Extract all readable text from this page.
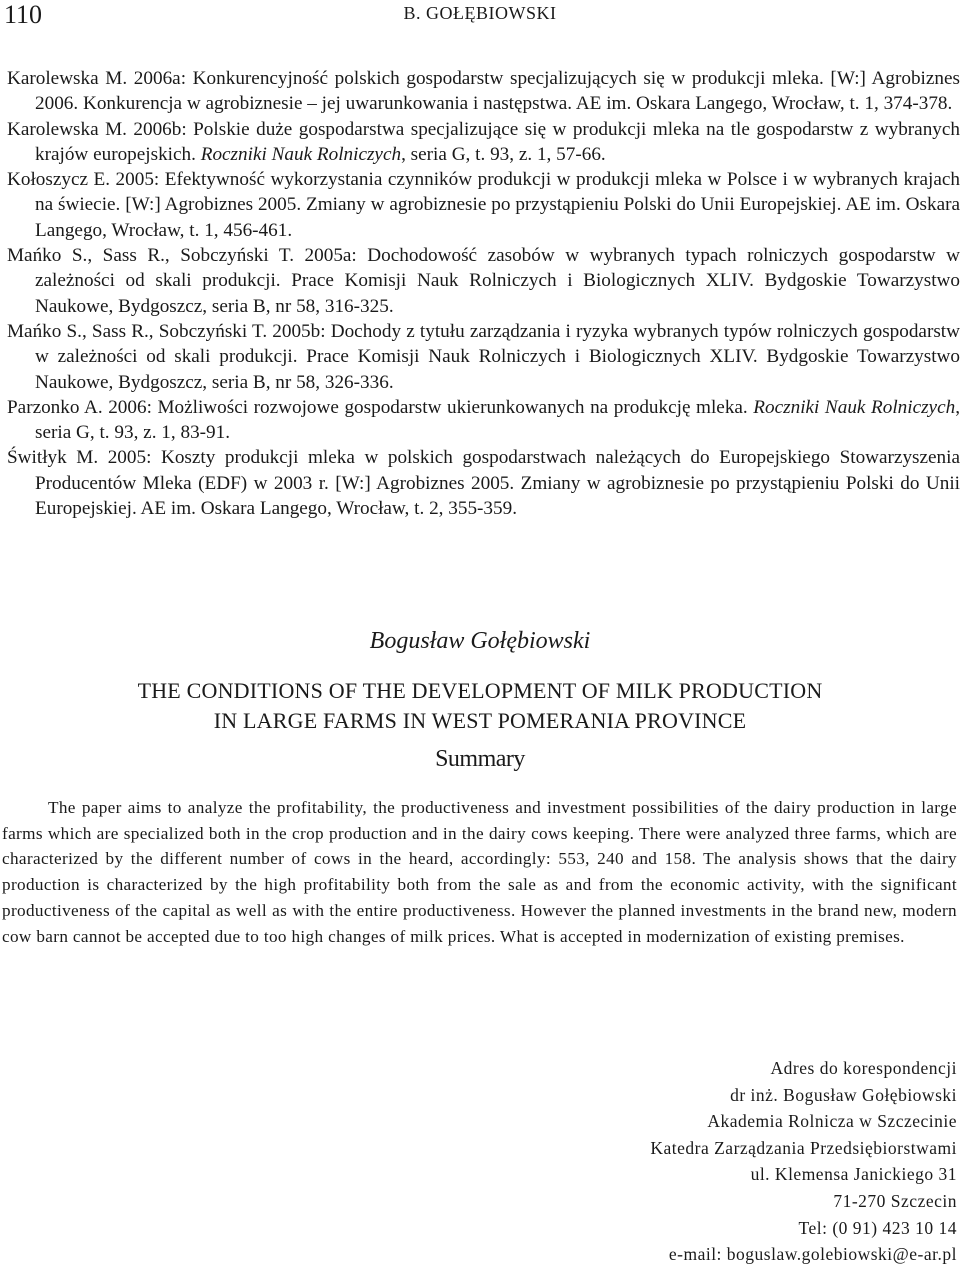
110	B. GOŁĘBIOWSKI
Karolewska M. 2006a: Konkurencyjność polskich gospodarstw specjalizujących się w produkcji mleka. [W:] Agrobiznes 2006. Konkurencja w agrobiznesie – jej uwarunkowania i następstwa. AE im. Oskara Langego, Wrocław, t. 1, 374-378.
Karolewska M. 2006b: Polskie duże gospodarstwa specjalizujące się w produkcji mleka na tle gospodarstw z wybranych krajów europejskich. Roczniki Nauk Rolniczych, seria G, t. 93, z. 1, 57-66.
Kołoszycz E. 2005: Efektywność wykorzystania czynników produkcji w produkcji mleka w Polsce i w wybranych krajach na świecie. [W:] Agrobiznes 2005. Zmiany w agrobiznesie po przystąpieniu Polski do Unii Europejskiej. AE im. Oskara Langego, Wrocław, t. 1, 456-461.
Mańko S., Sass R., Sobczyński T. 2005a: Dochodowość zasobów w wybranych typach rolniczych gospodarstw w zależności od skali produkcji. Prace Komisji Nauk Rolniczych i Biologicznych XLIV. Bydgoskie Towarzystwo Naukowe, Bydgoszcz, seria B, nr 58, 316-325.
Mańko S., Sass R., Sobczyński T. 2005b: Dochody z tytułu zarządzania i ryzyka wybranych typów rolniczych gospodarstw w zależności od skali produkcji. Prace Komisji Nauk Rolniczych i Biologicznych XLIV. Bydgoskie Towarzystwo Naukowe, Bydgoszcz, seria B, nr 58, 326-336.
Parzonko A. 2006: Możliwości rozwojowe gospodarstw ukierunkowanych na produkcję mleka. Roczniki Nauk Rolniczych, seria G, t. 93, z. 1, 83-91.
Świtłyk M. 2005: Koszty produkcji mleka w polskich gospodarstwach należących do Europejskiego Stowarzyszenia Producentów Mleka (EDF) w 2003 r. [W:] Agrobiznes 2005. Zmiany w agrobiznesie po przystąpieniu Polski do Unii Europejskiej. AE im. Oskara Langego, Wrocław, t. 2, 355-359.
Bogusław Gołębiowski
THE CONDITIONS OF THE DEVELOPMENT OF MILK PRODUCTION
IN LARGE FARMS IN WEST POMERANIA PROVINCE
Summary
The paper aims to analyze the profitability, the productiveness and investment possibilities of the dairy production in large farms which are specialized both in the crop production and in the dairy cows keeping. There were analyzed three farms, which are characterized by the different number of cows in the heard, accordingly: 553, 240 and 158. The analysis shows that the dairy production is characterized by the high profitability both from the sale as and from the economic activity, with the significant productiveness of the capital as well as with the entire productiveness. However the planned investments in the brand new, modern cow barn cannot be accepted due to too high changes of milk prices. What is accepted in modernization of existing premises.
Adres do korespondencji
dr inż. Bogusław Gołębiowski
Akademia Rolnicza w Szczecinie
Katedra Zarządzania Przedsiębiorstwami
ul. Klemensa Janickiego 31
71-270 Szczecin
Tel: (0 91) 423 10 14
e-mail: boguslaw.golebiowski@e-ar.pl
